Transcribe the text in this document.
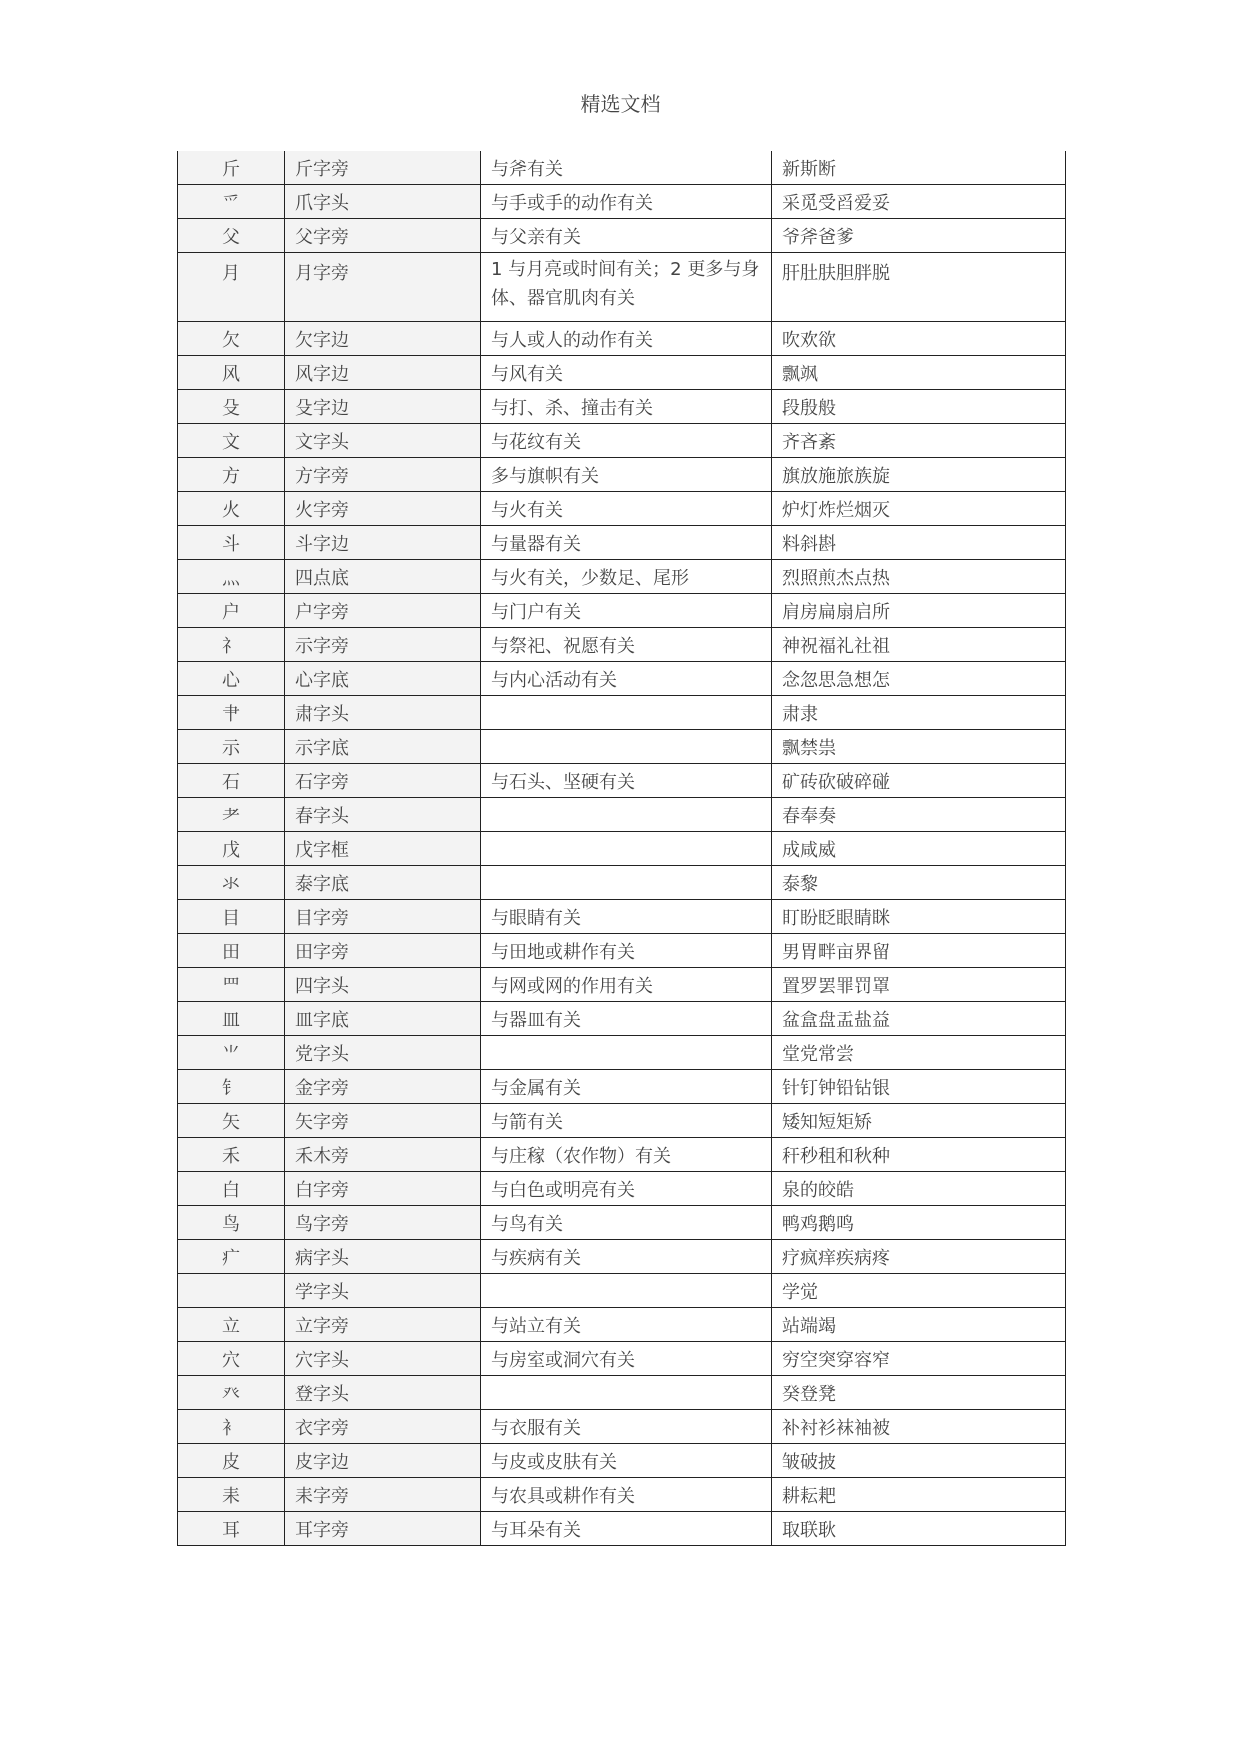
精选文档
斤	斤字旁	与斧有关	新斯断
爫	爪字头	与手或手的动作有关	采觅受舀爱妥
父	父字旁	与父亲有关	爷斧爸爹
月	月字旁	1 与月亮或时间有关；2 更多与身体、器官肌肉有关	肝肚肤胆胖脱
欠	欠字边	与人或人的动作有关	吹欢欲
风	风字边	与风有关	飘飒
殳	殳字边	与打、杀、撞击有关	段殷般
文	文字头	与花纹有关	齐吝紊
方	方字旁	多与旗帜有关	旗放施旅族旋
火	火字旁	与火有关	炉灯炸烂烟灭
斗	斗字边	与量器有关	料斜斟
灬	四点底	与火有关，少数足、尾形	烈照煎杰点热
户	户字旁	与门户有关	肩房扁扇启所
礻	示字旁	与祭祀、祝愿有关	神祝福礼社祖
心	心字底	与内心活动有关	念忽思急想怎
肀	肃字头		肃隶
示	示字底		飘禁祟
石	石字旁	与石头、坚硬有关	矿砖砍破碎碰
耂	春字头		春奉奏
戊	戊字框		成咸威
氺	泰字底		泰黎
目	目字旁	与眼睛有关	盯盼眨眼睛眯
田	田字旁	与田地或耕作有关	男胃畔亩界留
罒	四字头	与网或网的作用有关	置罗罢罪罚罩
皿	皿字底	与器皿有关	盆盒盘盂盐益
⺌	党字头		堂党常尝
钅	金字旁	与金属有关	针钉钟铅钻银
矢	矢字旁	与箭有关	矮知短矩矫
禾	禾木旁	与庄稼（农作物）有关	秆秒租和秋种
白	白字旁	与白色或明亮有关	泉的皎皓
鸟	鸟字旁	与鸟有关	鸭鸡鹅鸣
疒	病字头	与疾病有关	疗疯痒疾病疼
	学字头		学觉
立	立字旁	与站立有关	站端竭
穴	穴字头	与房室或洞穴有关	穷空突穿容窄
癶	登字头		癸登凳
衤	衣字旁	与衣服有关	补衬衫袜袖被
皮	皮字边	与皮或皮肤有关	皱破披
耒	耒字旁	与农具或耕作有关	耕耘耙
耳	耳字旁	与耳朵有关	取联耿
